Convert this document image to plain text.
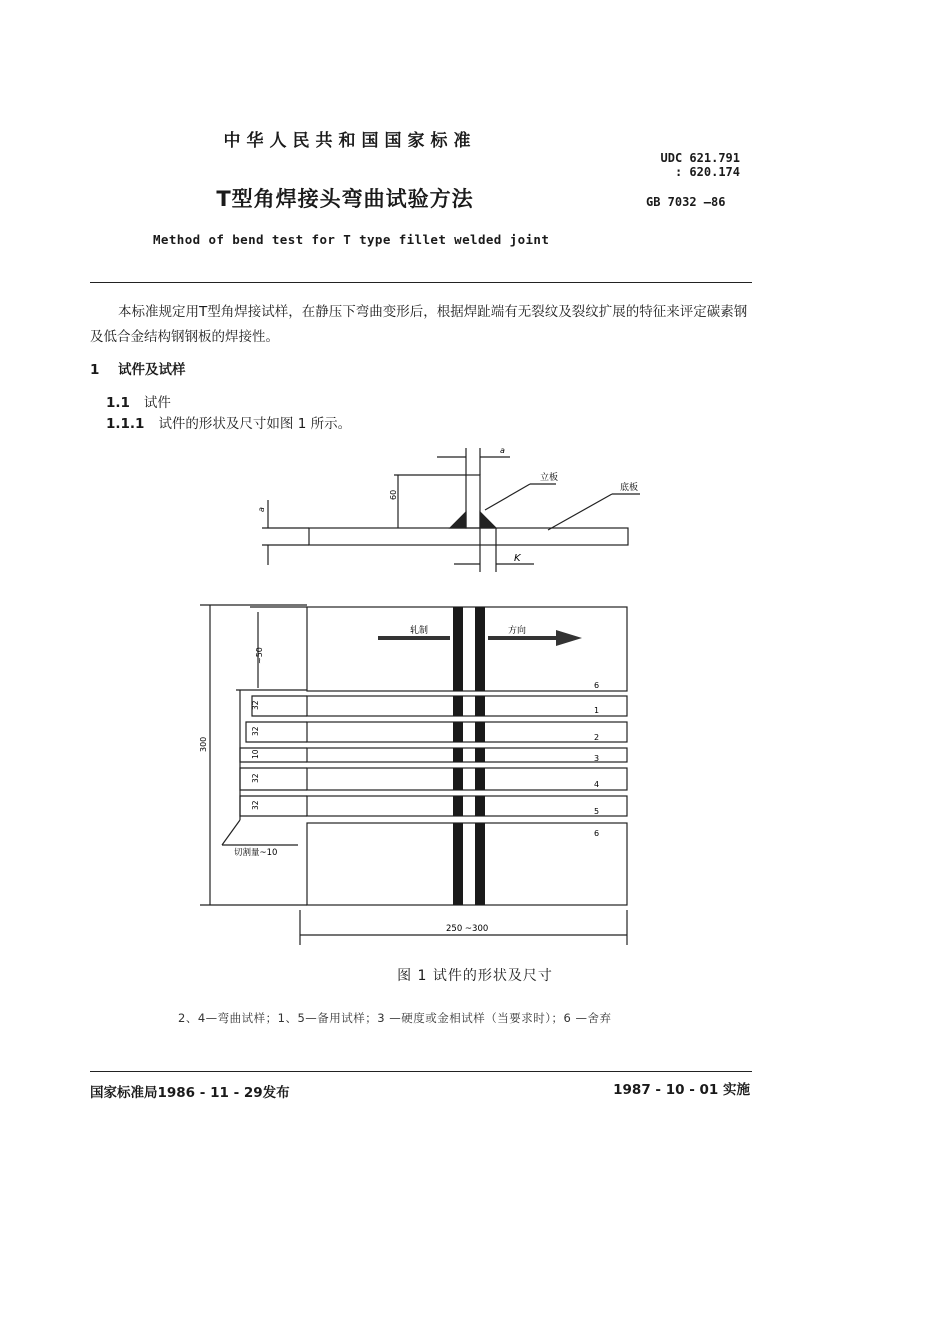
中华人民共和国国家标准
UDC 621.791
: 620.174
T型角焊接头弯曲试验方法	GB 7032 —86
Method of bend test for T type fillet welded joint
本标准规定用T型角焊接试样，在静压下弯曲变形后，根据焊趾端有无裂纹及裂纹扩展的特征来评定碳素钢及低合金结构钢钢板的焊接性。
1 试件及试样
1.1 试件
1.1.1 试件的形状及尺寸如图 1 所示。
a
立板
底板
K
60
a
轧制	方向
~50
300
32
32
10
32
32
6
1
2
3
4
5
6
切割量~10
250 ~300
图 1 试件的形状及尺寸
2、4—弯曲试样；1、5—备用试样；3 —硬度或金相试样（当要求时）；6 —舍弃
国家标准局1986 - 11 - 29发布	1987 - 10 - 01 实施
